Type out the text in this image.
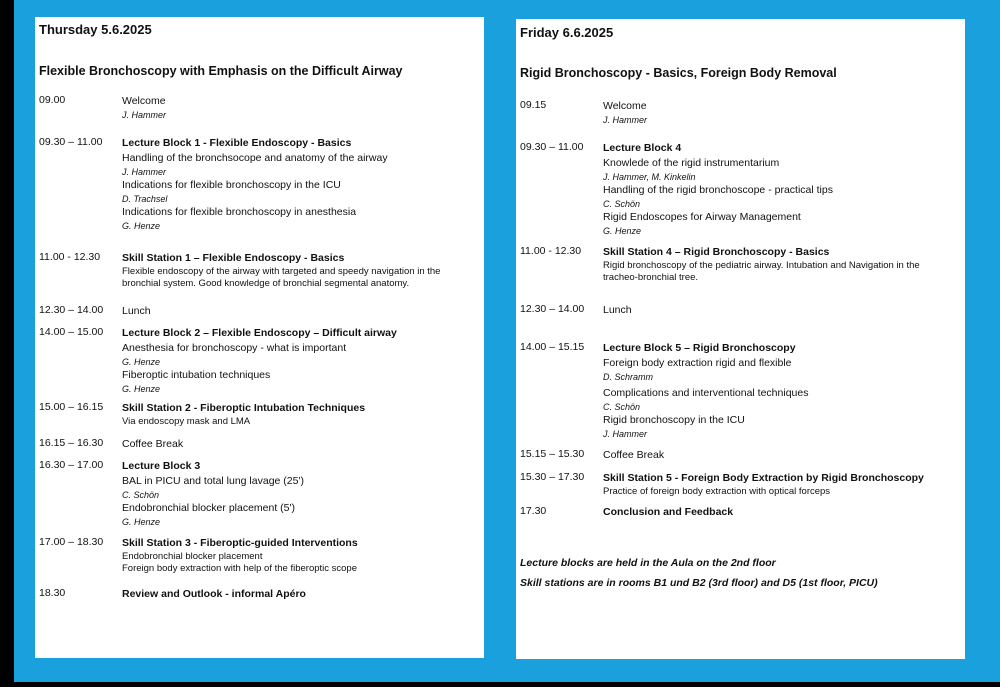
Thursday 5.6.2025
Flexible Bronchoscopy with Emphasis on the Difficult Airway
09.00	Welcome
J. Hammer
09.30 – 11.00 Lecture Block 1 - Flexible Endoscopy - Basics
Handling of the bronchsocope and anatomy of the airway
J. Hammer
Indications for flexible bronchoscopy in the ICU
D. Trachsel
Indications for flexible bronchoscopy in anesthesia
G. Henze
11.00 - 12.30 Skill Station 1 – Flexible Endoscopy - Basics
Flexible endoscopy of the airway with targeted and speedy navigation in the
bronchial system. Good knowledge of bronchial segmental anatomy.
12.30 – 14.00 Lunch
14.00 – 15.00 Lecture Block 2 – Flexible Endoscopy – Difficult airway
Anesthesia for bronchoscopy - what is important
G. Henze
Fiberoptic intubation techniques
G. Henze
15.00 – 16.15 Skill Station 2 - Fiberoptic Intubation Techniques
Via endoscopy mask and LMA
16.15 – 16.30 Coffee Break
16.30 – 17.00 Lecture Block 3
BAL in PICU and total lung lavage (25')
C. Schön
Endobronchial blocker placement (5')
G. Henze
17.00 – 18.30 Skill Station 3 - Fiberoptic-guided Interventions
Endobronchial blocker placement
Foreign body extraction with help of the fiberoptic scope
18.30	Review and Outlook - informal Apéro
Friday 6.6.2025
Rigid Bronchoscopy - Basics, Foreign Body Removal
09.15	Welcome
J. Hammer
09.30 – 11.00 Lecture Block 4
Knowlede of the rigid instrumentarium
J. Hammer, M. Kinkelin
Handling of the rigid bronchoscope - practical tips
C. Schön
Rigid Endoscopes for Airway Management
G. Henze
11.00 - 12.30 Skill Station 4 – Rigid Bronchoscopy - Basics
Rigid bronchoscopy of the pediatric airway. Intubation and Navigation in the
tracheo-bronchial tree.
12.30 – 14.00 Lunch
14.00 – 15.15 Lecture Block 5 – Rigid Bronchoscopy
Foreign body extraction rigid and flexible
D. Schramm
Complications and interventional techniques
C. Schön
Rigid bronchoscopy in the ICU
J. Hammer
15.15 – 15.30 Coffee Break
15.30 – 17.30 Skill Station 5 - Foreign Body Extraction by Rigid Bronchoscopy
Practice of foreign body extraction with optical forceps
17.30	Conclusion and Feedback
Lecture blocks are held in the Aula on the 2nd floor
Skill stations are in rooms B1 und B2 (3rd floor) and D5 (1st floor, PICU)
